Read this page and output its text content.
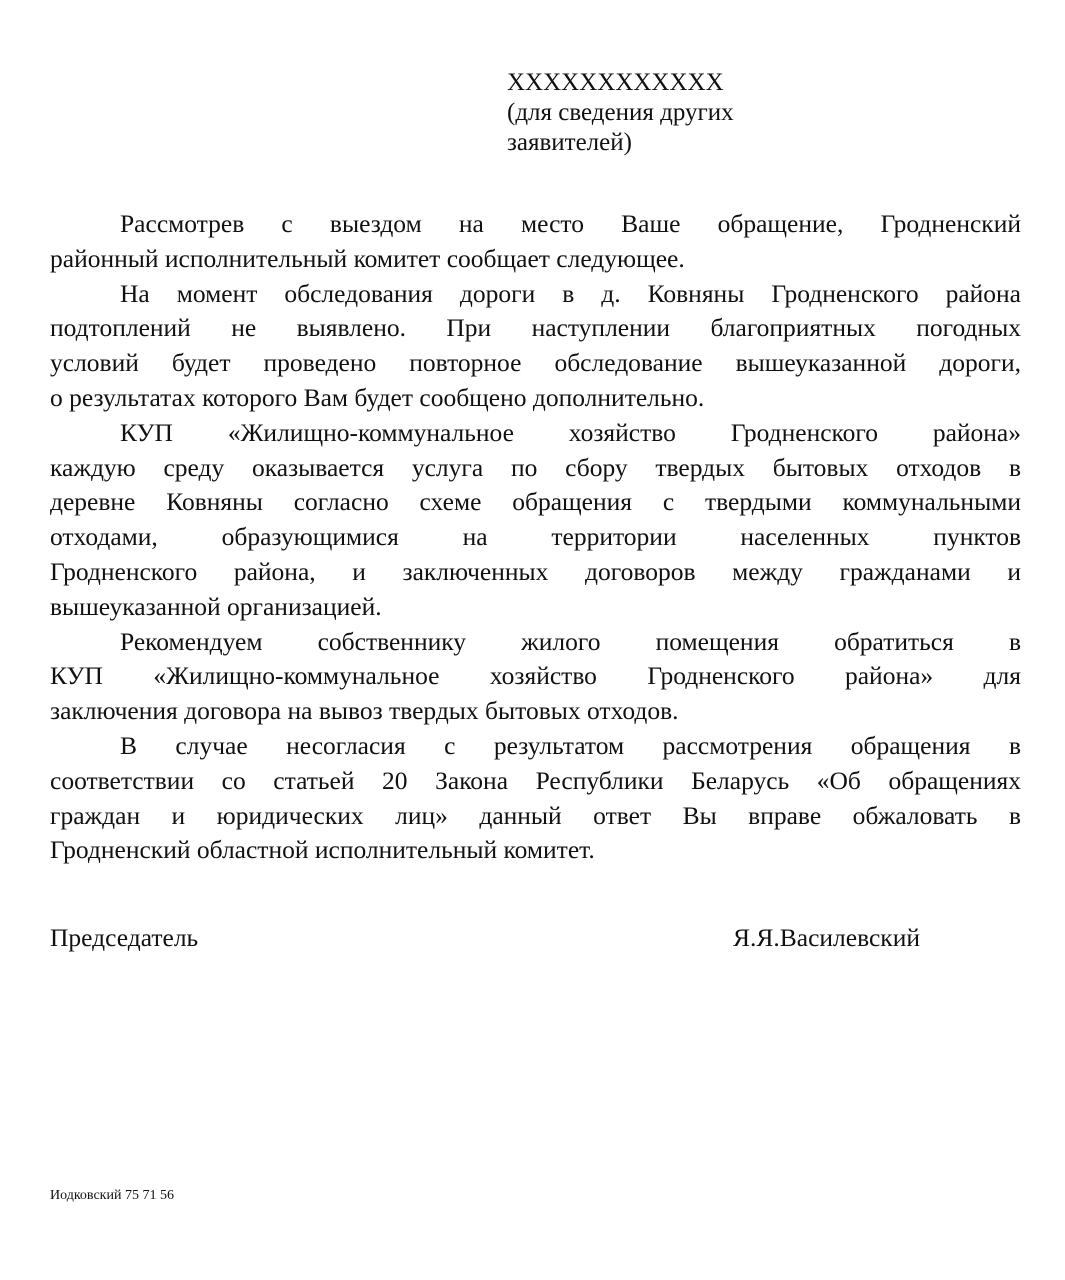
XXXXXXXXXXXX
(для сведения других
заявителей)
Рассмотрев с выездом на место Ваше обращение, Гродненский
районный исполнительный комитет сообщает следующее.
На момент обследования дороги в д. Ковняны Гродненского района
подтоплений не выявлено. При наступлении благоприятных погодных
условий будет проведено повторное обследование вышеуказанной дороги,
о результатах которого Вам будет сообщено дополнительно.
КУП «Жилищно-коммунальное хозяйство Гродненского района»
каждую среду оказывается услуга по сбору твердых бытовых отходов в
деревне Ковняны согласно схеме обращения с твердыми коммунальными
отходами, образующимися на территории населенных пунктов
Гродненского района, и заключенных договоров между гражданами и
вышеуказанной организацией.
Рекомендуем собственнику жилого помещения обратиться в
КУП «Жилищно-коммунальное хозяйство Гродненского района» для
заключения договора на вывоз твердых бытовых отходов.
В случае несогласия с результатом рассмотрения обращения в
соответствии со статьей 20 Закона Республики Беларусь «Об обращениях
граждан и юридических лиц» данный ответ Вы вправе обжаловать в
Гродненский областной исполнительный комитет.
Председатель	Я.Я.Василевский
Иодковский 75 71 56
